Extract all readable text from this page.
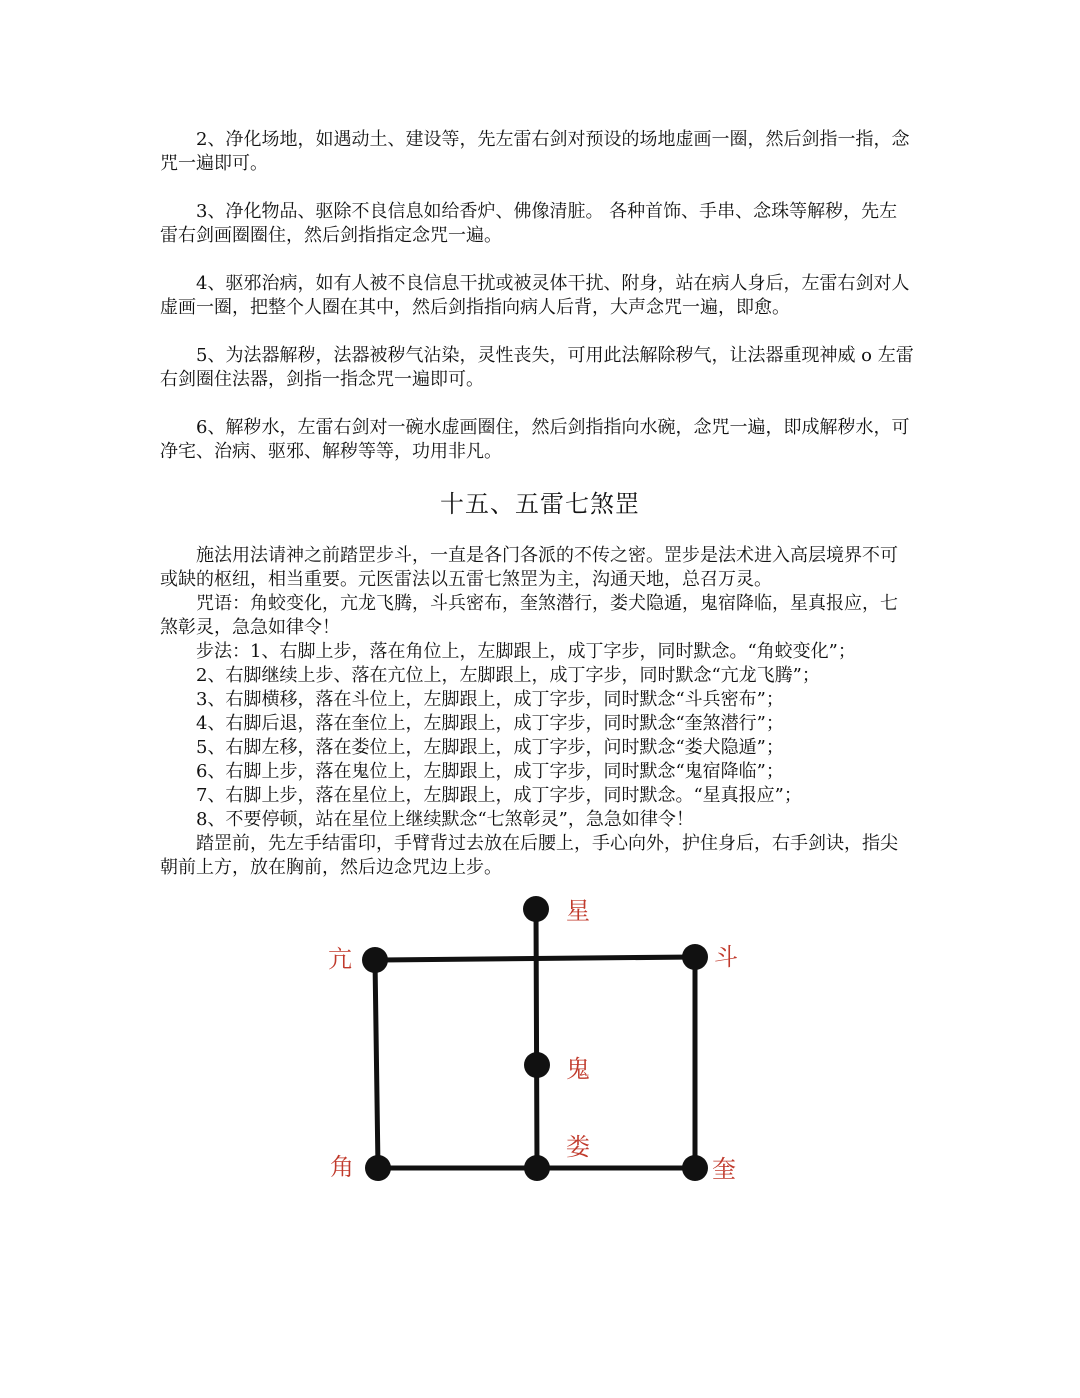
2、净化场地，如遇动土、建设等，先左雷右剑对预设的场地虚画一圈，然后剑指一指，念
咒一遍即可。

3、净化物品、驱除不良信息如给香炉、佛像清脏。 各种首饰、手串、念珠等解秽，先左
雷右剑画圈圈住，然后剑指指定念咒一遍。

4、驱邪治病，如有人被不良信息干扰或被灵体干扰、附身，站在病人身后，左雷右剑对人
虚画一圈，把整个人圈在其中，然后剑指指向病人后背，大声念咒一遍，即愈。

5、为法器解秽，法器被秽气沾染，灵性丧失，可用此法解除秽气，让法器重现神威 o 左雷
右剑圈住法器，剑指一指念咒一遍即可。

6、解秽水，左雷右剑对一碗水虚画圈住，然后剑指指向水碗，念咒一遍，即成解秽水，可
净宅、治病、驱邪、解秽等等，功用非凡。

十五、五雷七煞罡

施法用法请神之前踏罡步斗，一直是各门各派的不传之密。罡步是法术进入高层境界不可
或缺的枢纽，相当重要。元医雷法以五雷七煞罡为主，沟通天地，总召万灵。

咒语：角蛟变化，亢龙飞腾，斗兵密布，奎煞潜行，娄犬隐遁，鬼宿降临，星真报应，七
煞彰灵，急急如律令！

步法：1、右脚上步，落在角位上，左脚跟上，成丁字步，同时默念。“角蛟变化”；
2、右脚继续上步、落在亢位上，左脚跟上，成丁字步，同时默念“亢龙飞腾”；
3、右脚横移，落在斗位上，左脚跟上，成丁字步，同时默念“斗兵密布”；
4、右脚后退，落在奎位上，左脚跟上，成丁字步，同时默念“奎煞潜行”；
5、右脚左移，落在娄位上，左脚跟上，成丁字步，问时默念“娄犬隐遁”；
6、右脚上步，落在鬼位上，左脚跟上，成丁字步，同时默念“鬼宿降临”；
7、右脚上步，落在星位上，左脚跟上，成丁字步，同时默念。“星真报应”；
8、不要停顿，站在星位上继续默念“七煞彰灵”，急急如律令！

踏罡前，先左手结雷印，手臂背过去放在后腰上，手心向外，护住身后，右手剑诀，指尖
朝前上方，放在胸前，然后边念咒边上步。

星
亢	斗
鬼
娄
角	奎
